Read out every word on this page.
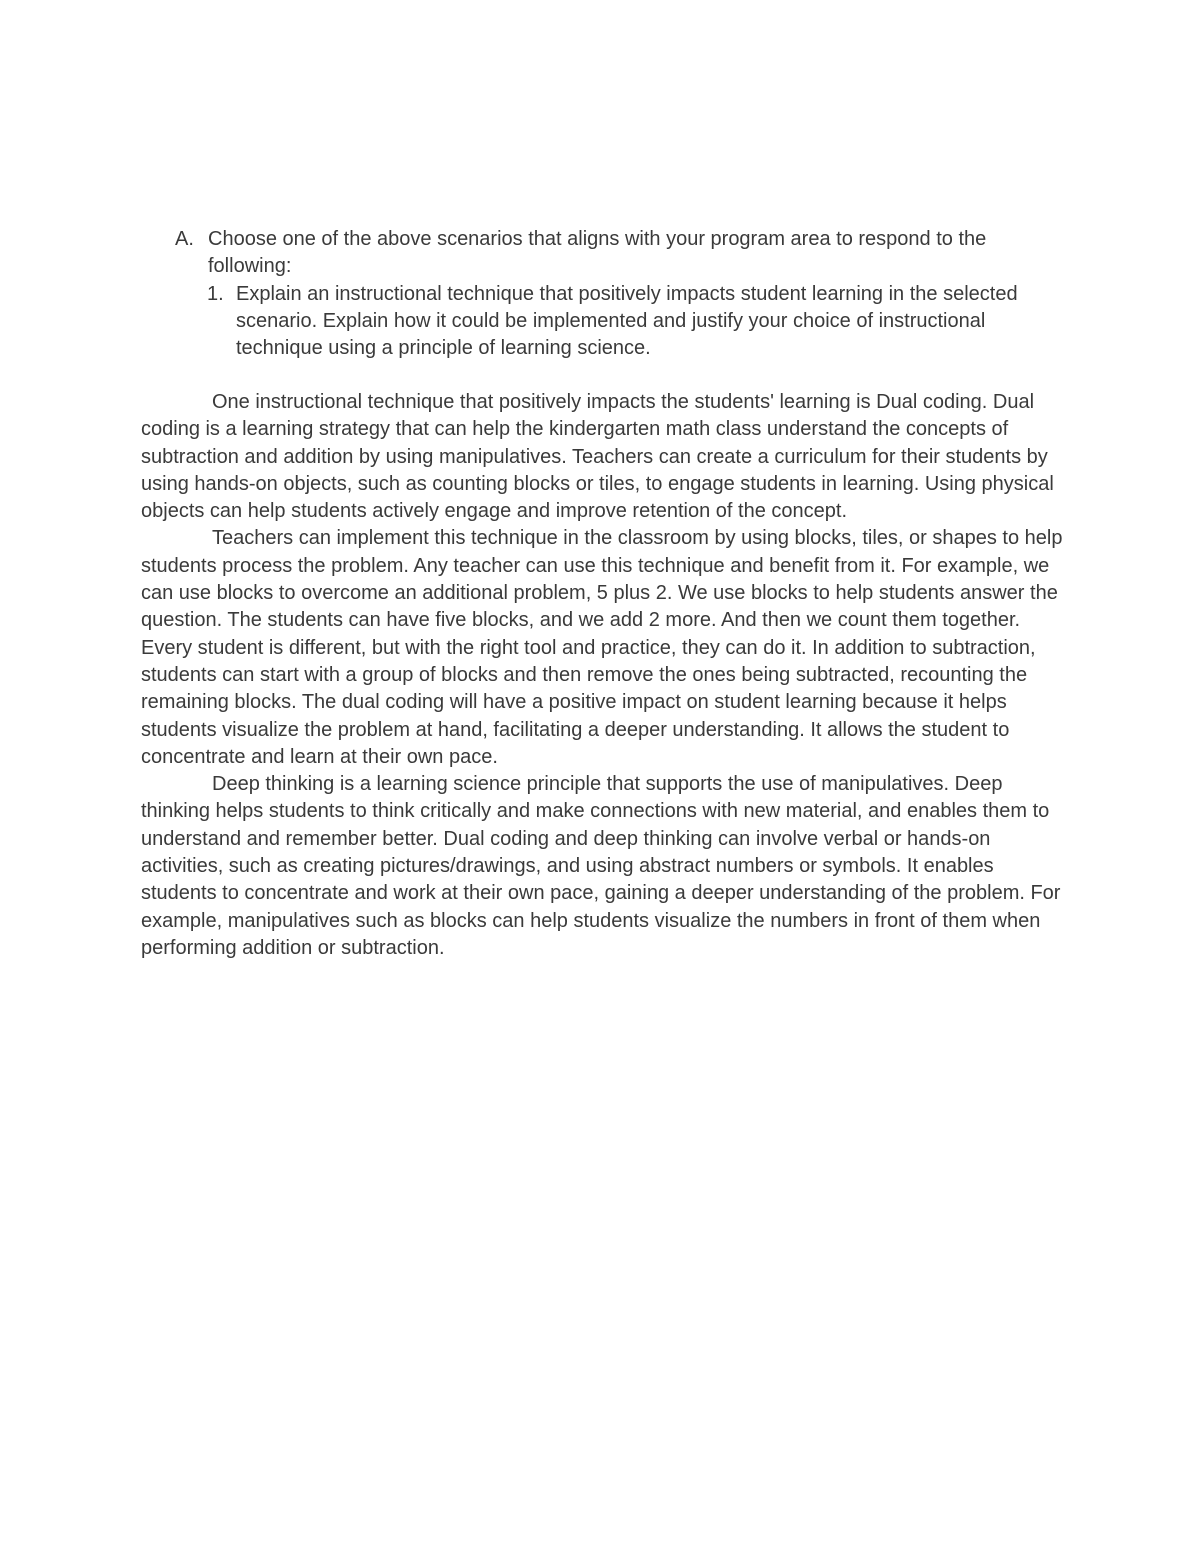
A. Choose one of the above scenarios that aligns with your program area to respond to the following:
1. Explain an instructional technique that positively impacts student learning in the selected scenario. Explain how it could be implemented and justify your choice of instructional technique using a principle of learning science.

One instructional technique that positively impacts the students' learning is Dual coding. Dual coding is a learning strategy that can help the kindergarten math class understand the concepts of subtraction and addition by using manipulatives. Teachers can create a curriculum for their students by using hands-on objects, such as counting blocks or tiles, to engage students in learning. Using physical objects can help students actively engage and improve retention of the concept.

Teachers can implement this technique in the classroom by using blocks, tiles, or shapes to help students process the problem. Any teacher can use this technique and benefit from it. For example, we can use blocks to overcome an additional problem, 5 plus 2. We use blocks to help students answer the question. The students can have five blocks, and we add 2 more. And then we count them together. Every student is different, but with the right tool and practice, they can do it. In addition to subtraction, students can start with a group of blocks and then remove the ones being subtracted, recounting the remaining blocks. The dual coding will have a positive impact on student learning because it helps students visualize the problem at hand, facilitating a deeper understanding. It allows the student to concentrate and learn at their own pace.

Deep thinking is a learning science principle that supports the use of manipulatives. Deep thinking helps students to think critically and make connections with new material, and enables them to understand and remember better. Dual coding and deep thinking can involve verbal or hands-on activities, such as creating pictures/drawings, and using abstract numbers or symbols. It enables students to concentrate and work at their own pace, gaining a deeper understanding of the problem. For example, manipulatives such as blocks can help students visualize the numbers in front of them when performing addition or subtraction.
